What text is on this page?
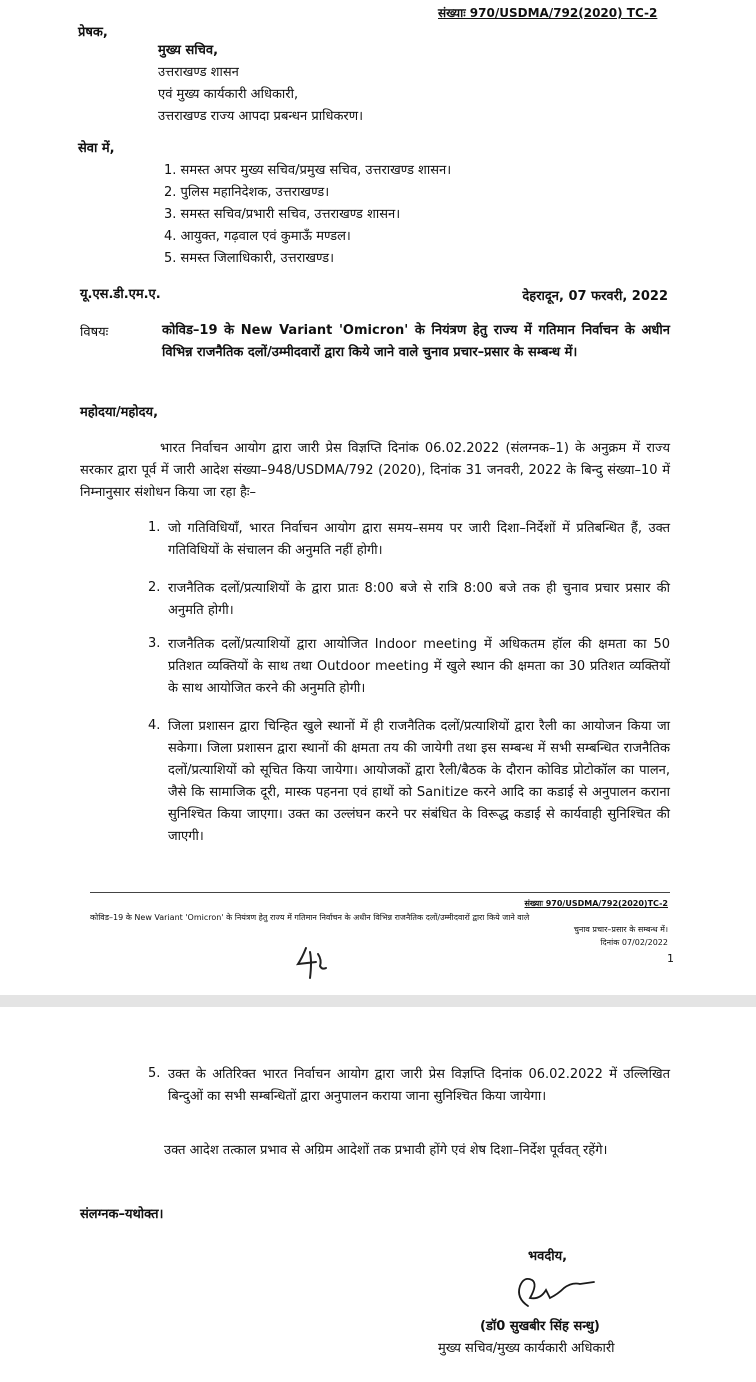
संख्याः 970/USDMA/792(2020) TC-2
प्रेषक,
मुख्य सचिव,
उत्तराखण्ड शासन
एवं मुख्य कार्यकारी अधिकारी,
उत्तराखण्ड राज्य आपदा प्रबन्धन प्राधिकरण।
सेवा में,
1. समस्त अपर मुख्य सचिव/प्रमुख सचिव, उत्तराखण्ड शासन।
2. पुलिस महानिदेशक, उत्तराखण्ड।
3. समस्त सचिव/प्रभारी सचिव, उत्तराखण्ड शासन।
4. आयुक्त, गढ़वाल एवं कुमाऊँ मण्डल।
5. समस्त जिलाधिकारी, उत्तराखण्ड।
यू.एस.डी.एम.ए.	देहरादून, 07 फरवरी, 2022
विषयः	कोविड–19 के New Variant 'Omicron' के नियंत्रण हेतु राज्य में गतिमान निर्वाचन के अधीन विभिन्न राजनैतिक दलों/उम्मीदवारों द्वारा किये जाने वाले चुनाव प्रचार–प्रसार के सम्बन्ध में।
महोदया/महोदय,
भारत निर्वाचन आयोग द्वारा जारी प्रेस विज्ञप्ति दिनांक 06.02.2022 (संलग्नक–1) के अनुक्रम में राज्य सरकार द्वारा पूर्व में जारी आदेश संख्या–948/USDMA/792 (2020), दिनांक 31 जनवरी, 2022 के बिन्दु संख्या–10 में निम्नानुसार संशोधन किया जा रहा हैः–
1. जो गतिविधियाँ, भारत निर्वाचन आयोग द्वारा समय–समय पर जारी दिशा–निर्देशों में प्रतिबन्धित हैं, उक्त गतिविधियों के संचालन की अनुमति नहीं होगी।
2. राजनैतिक दलों/प्रत्याशियों के द्वारा प्रातः 8:00 बजे से रात्रि 8:00 बजे तक ही चुनाव प्रचार प्रसार की अनुमति होगी।
3. राजनैतिक दलों/प्रत्याशियों द्वारा आयोजित Indoor meeting में अधिकतम हॉल की क्षमता का 50 प्रतिशत व्यक्तियों के साथ तथा Outdoor meeting में खुले स्थान की क्षमता का 30 प्रतिशत व्यक्तियों के साथ आयोजित करने की अनुमति होगी।
4. जिला प्रशासन द्वारा चिन्हित खुले स्थानों में ही राजनैतिक दलों/प्रत्याशियों द्वारा रैली का आयोजन किया जा सकेगा। जिला प्रशासन द्वारा स्थानों की क्षमता तय की जायेगी तथा इस सम्बन्ध में सभी सम्बन्धित राजनैतिक दलों/प्रत्याशियों को सूचित किया जायेगा। आयोजकों द्वारा रैली/बैठक के दौरान कोविड प्रोटोकॉल का पालन, जैसे कि सामाजिक दूरी, मास्क पहनना एवं हाथों को Sanitize करने आदि का कडाई से अनुपालन कराना सुनिश्चित किया जाएगा। उक्त का उल्लंघन करने पर संबंधित के विरूद्ध कडाई से कार्यवाही सुनिश्चित की जाएगी।
संख्याः 970/USDMA/792(2020)TC-2
कोविड–19 के New Variant 'Omicron' के नियंत्रण हेतु राज्य में गतिमान निर्वाचन के अधीन विभिन्न राजनैतिक दलों/उम्मीदवारों द्वारा किये जाने वाले
चुनाव प्रचार–प्रसार के सम्बन्ध में।
दिनांक 07/02/2022
1
5. उक्त के अतिरिक्त भारत निर्वाचन आयोग द्वारा जारी प्रेस विज्ञप्ति दिनांक 06.02.2022 में उल्लिखित बिन्दुओं का सभी सम्बन्धितों द्वारा अनुपालन कराया जाना सुनिश्चित किया जायेगा।
उक्त आदेश तत्काल प्रभाव से अग्रिम आदेशों तक प्रभावी होंगे एवं शेष दिशा–निर्देश पूर्ववत् रहेंगे।
संलग्नक–यथोक्त।
भवदीय,
(डॉ0 सुखबीर सिंह सन्धु)
मुख्य सचिव/मुख्य कार्यकारी अधिकारी
